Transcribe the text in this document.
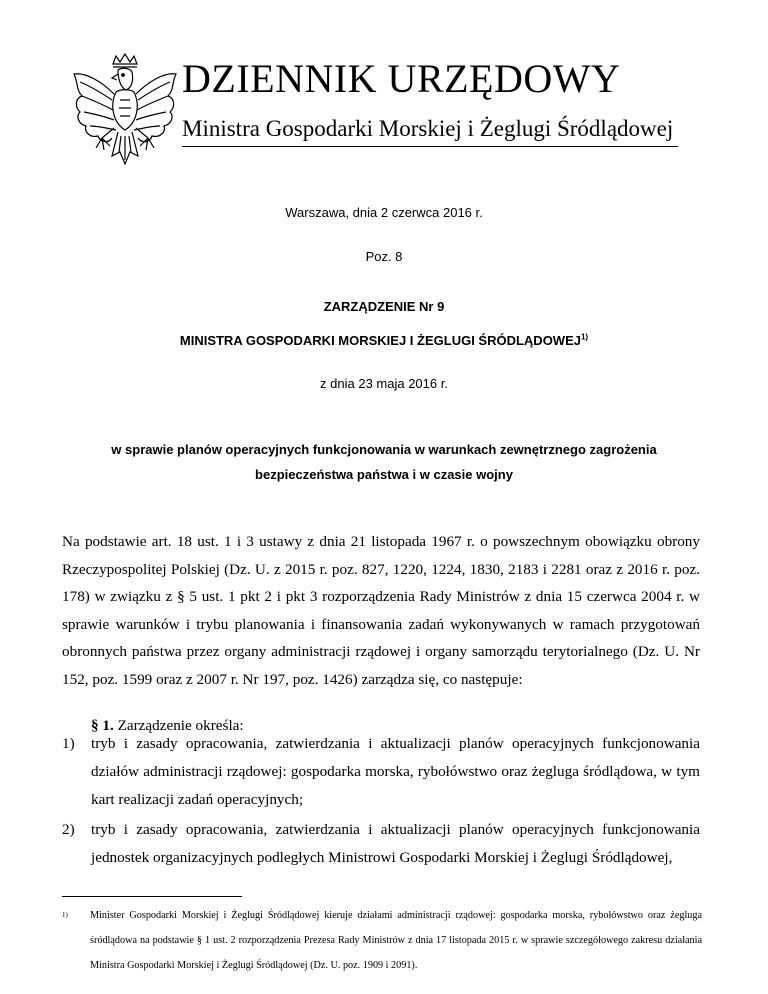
DZIENNIK URZĘDOWY
Ministra Gospodarki Morskiej i Żeglugi Śródlądowej
Warszawa, dnia 2 czerwca 2016 r.
Poz. 8
ZARZĄDZENIE Nr 9
MINISTRA GOSPODARKI MORSKIEJ I ŻEGLUGI ŚRÓDLĄDOWEJ$^{1)}$
z dnia 23 maja 2016 r.
w sprawie planów operacyjnych funkcjonowania w warunkach zewnętrznego zagrożenia
bezpieczeństwa państwa i w czasie wojny
Na podstawie art. 18 ust. 1 i 3 ustawy z dnia 21 listopada 1967 r. o powszechnym obowiązku obrony Rzeczypospolitej Polskiej (Dz. U. z 2015 r. poz. 827, 1220, 1224, 1830, 2183 i 2281 oraz z 2016 r. poz. 178) w związku z § 5 ust. 1 pkt 2 i pkt 3 rozporządzenia Rady Ministrów z dnia 15 czerwca 2004 r. w sprawie warunków i trybu planowania i finansowania zadań wykonywanych w ramach przygotowań obronnych państwa przez organy administracji rządowej i organy samorządu terytorialnego (Dz. U. Nr 152, poz. 1599 oraz z 2007 r. Nr 197, poz. 1426) zarządza się, co następuje:
§ 1. Zarządzenie określa:
1)	tryb i zasady opracowania, zatwierdzania i aktualizacji planów operacyjnych funkcjonowania działów administracji rządowej: gospodarka morska, rybołówstwo oraz żegluga śródlądowa, w tym kart realizacji zadań operacyjnych;
2)	tryb i zasady opracowania, zatwierdzania i aktualizacji planów operacyjnych funkcjonowania jednostek organizacyjnych podległych Ministrowi Gospodarki Morskiej i Żeglugi Śródlądowej,
1) Minister Gospodarki Morskiej i Żeglugi Śródlądowej kieruje działami administracji rządowej: gospodarka morska, rybołówstwo oraz żegluga śródlądowa na podstawie § 1 ust. 2 rozporządzenia Prezesa Rady Ministrów z dnia 17 listopada 2015 r. w sprawie szczegółowego zakresu działania Ministra Gospodarki Morskiej i Żeglugi Śródlądowej (Dz. U. poz. 1909 i 2091).
